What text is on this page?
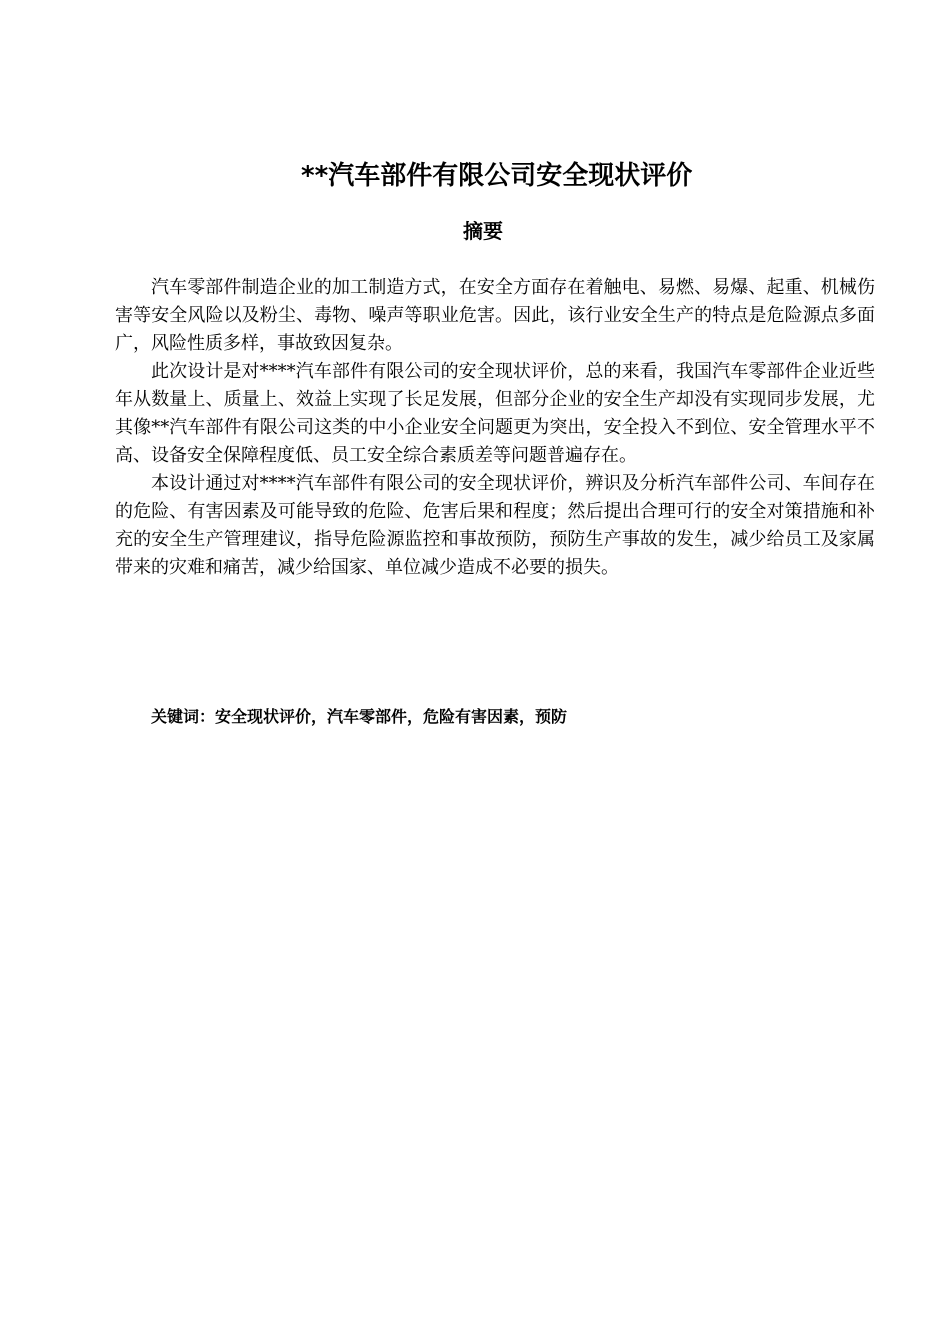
**汽车部件有限公司安全现状评价
摘要

汽车零部件制造企业的加工制造方式，在安全方面存在着触电、易燃、易爆、起重、机械伤害等安全风险以及粉尘、毒物、噪声等职业危害。因此，该行业安全生产的特点是危险源点多面广，风险性质多样，事故致因复杂。

此次设计是对****汽车部件有限公司的安全现状评价，总的来看，我国汽车零部件企业近些年从数量上、质量上、效益上实现了长足发展，但部分企业的安全生产却没有实现同步发展，尤其像**汽车部件有限公司这类的中小企业安全问题更为突出，安全投入不到位、安全管理水平不高、设备安全保障程度低、员工安全综合素质差等问题普遍存在。

本设计通过对****汽车部件有限公司的安全现状评价，辨识及分析汽车部件公司、车间存在的危险、有害因素及可能导致的危险、危害后果和程度；然后提出合理可行的安全对策措施和补充的安全生产管理建议，指导危险源监控和事故预防，预防生产事故的发生，减少给员工及家属带来的灾难和痛苦，减少给国家、单位减少造成不必要的损失。

关键词：安全现状评价，汽车零部件，危险有害因素，预防
